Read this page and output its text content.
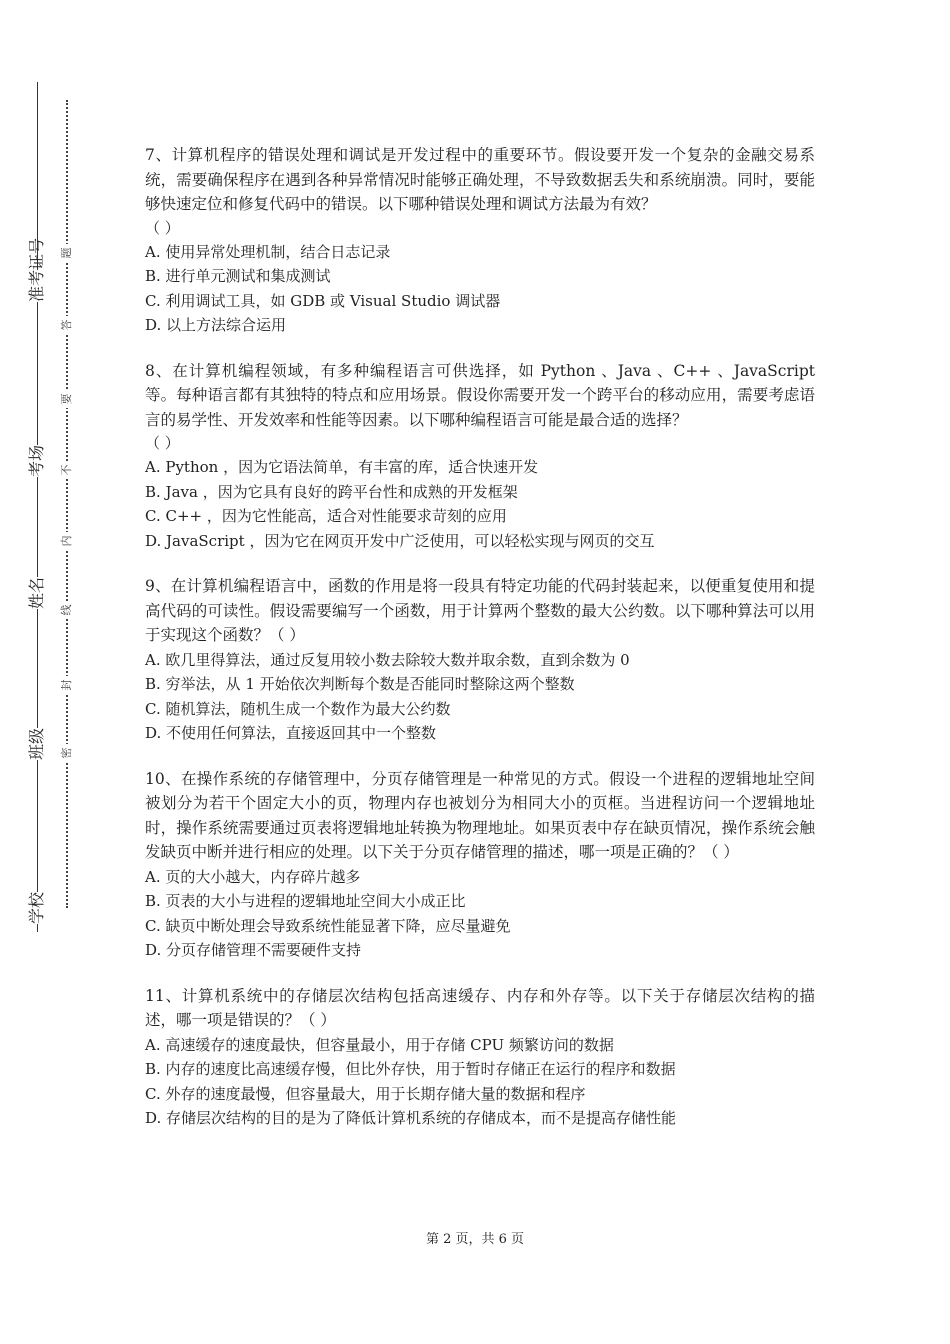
准考证号
考场
姓名
班级
学校
题
答
要
不
内
线
封
密

7、计算机程序的错误处理和调试是开发过程中的重要环节。假设要开发一个复杂的金融交易系统，需要确保程序在遇到各种异常情况时能够正确处理，不导致数据丢失和系统崩溃。同时，要能够快速定位和修复代码中的错误。以下哪种错误处理和调试方法最为有效？

（ ）

A. 使用异常处理机制，结合日志记录

B. 进行单元测试和集成测试

C. 利用调试工具，如 GDB 或 Visual Studio 调试器

D. 以上方法综合运用

8、在计算机编程领域，有多种编程语言可供选择，如 Python 、Java 、C++ 、JavaScript 等。每种语言都有其独特的特点和应用场景。假设你需要开发一个跨平台的移动应用，需要考虑语言的易学性、开发效率和性能等因素。以下哪种编程语言可能是最合适的选择？

（ ）

A. Python ，因为它语法简单，有丰富的库，适合快速开发

B. Java ，因为它具有良好的跨平台性和成熟的开发框架

C. C++ ，因为它性能高，适合对性能要求苛刻的应用

D. JavaScript ，因为它在网页开发中广泛使用，可以轻松实现与网页的交互

9、在计算机编程语言中，函数的作用是将一段具有特定功能的代码封装起来，以便重复使用和提高代码的可读性。假设需要编写一个函数，用于计算两个整数的最大公约数。以下哪种算法可以用于实现这个函数？（ ）

A. 欧几里得算法，通过反复用较小数去除较大数并取余数，直到余数为 0

B. 穷举法，从 1 开始依次判断每个数是否能同时整除这两个整数

C. 随机算法，随机生成一个数作为最大公约数

D. 不使用任何算法，直接返回其中一个整数

10、在操作系统的存储管理中，分页存储管理是一种常见的方式。假设一个进程的逻辑地址空间被划分为若干个固定大小的页，物理内存也被划分为相同大小的页框。当进程访问一个逻辑地址时，操作系统需要通过页表将逻辑地址转换为物理地址。如果页表中存在缺页情况，操作系统会触发缺页中断并进行相应的处理。以下关于分页存储管理的描述，哪一项是正确的？（ ）

A. 页的大小越大，内存碎片越多

B. 页表的大小与进程的逻辑地址空间大小成正比

C. 缺页中断处理会导致系统性能显著下降，应尽量避免

D. 分页存储管理不需要硬件支持

11、计算机系统中的存储层次结构包括高速缓存、内存和外存等。以下关于存储层次结构的描述，哪一项是错误的？（ ）

A. 高速缓存的速度最快，但容量最小，用于存储 CPU 频繁访问的数据

B. 内存的速度比高速缓存慢，但比外存快，用于暂时存储正在运行的程序和数据

C. 外存的速度最慢，但容量最大，用于长期存储大量的数据和程序

D. 存储层次结构的目的是为了降低计算机系统的存储成本，而不是提高存储性能

第 2 页，共 6 页
